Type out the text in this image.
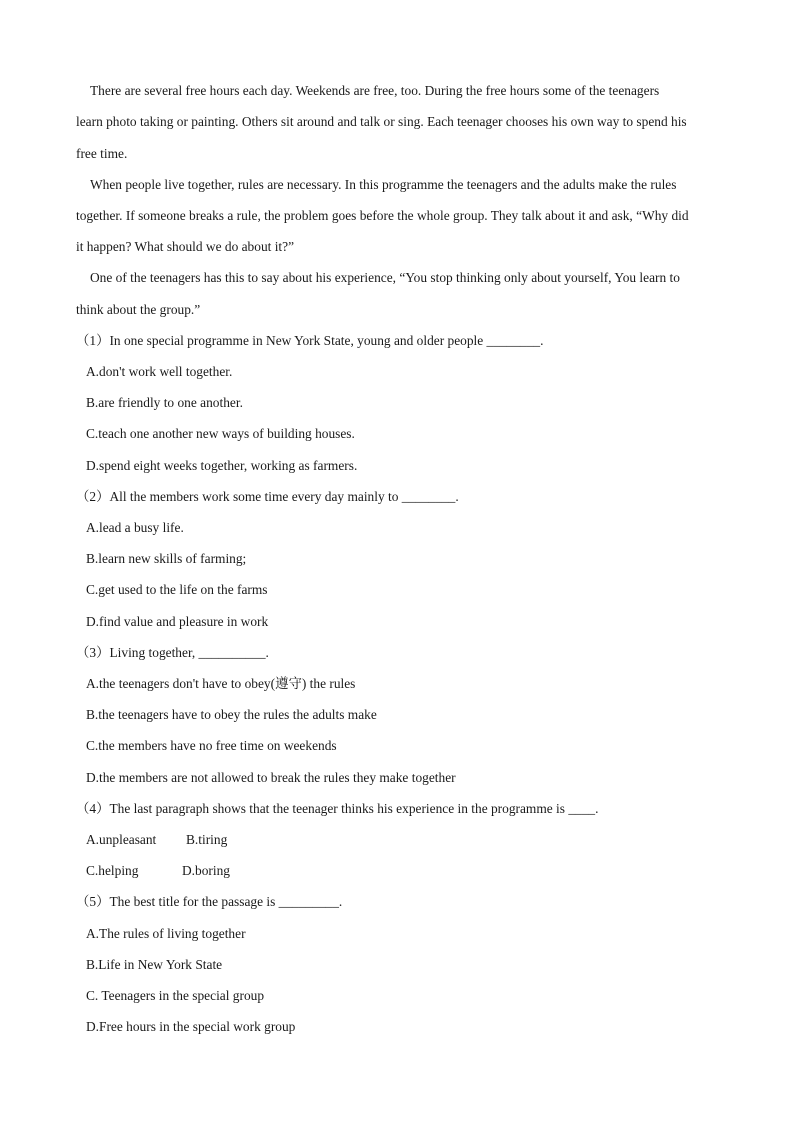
There are several free hours each day. Weekends are free, too. During the free hours some of the teenagers
learn photo taking or painting. Others sit around and talk or sing. Each teenager chooses his own way to spend his
free time.
When people live together, rules are necessary. In this programme the teenagers and the adults make the rules
together. If someone breaks a rule, the problem goes before the whole group. They talk about it and ask, “Why did
it happen? What should we do about it?”
One of the teenagers has this to say about his experience, “You stop thinking only about yourself, You learn to
think about the group.”
（1）In one special programme in New York State, young and older people ________.
A.don't work well together.
B.are friendly to one another.
C.teach one another new ways of building houses.
D.spend eight weeks together, working as farmers.
（2）All the members work some time every day mainly to ________.
A.lead a busy life.
B.learn new skills of farming;
C.get used to the life on the farms
D.find value and pleasure in work
（3）Living together, __________.
A.the teenagers don't have to obey(遵守) the rules
B.the teenagers have to obey the rules the adults make
C.the members have no free time on weekends
D.the members are not allowed to break the rules they make together
（4）The last paragraph shows that the teenager thinks his experience in the programme is ____.
A.unpleasant B.tiring
C.helping	D.boring
（5）The best title for the passage is _________.
A.The rules of living together
B.Life in New York State
C. Teenagers in the special group
D.Free hours in the special work group
